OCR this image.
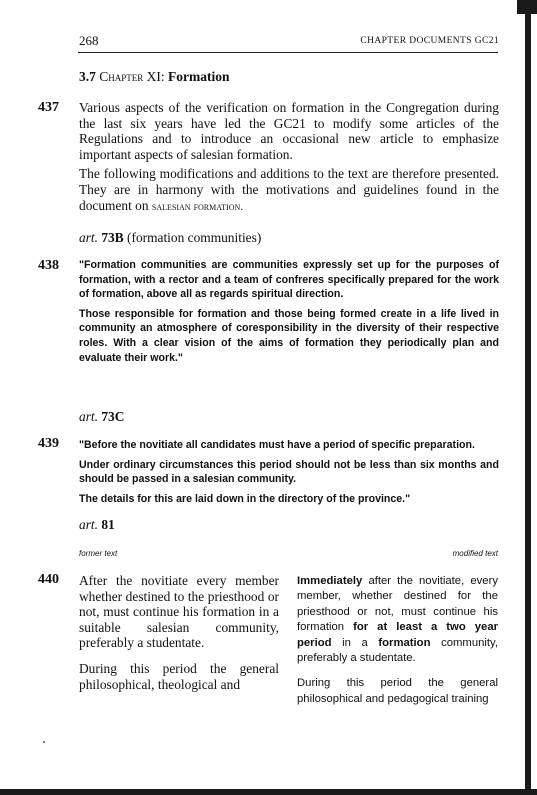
268	CHAPTER DOCUMENTS GC21
3.7 Chapter XI: Formation
437 Various aspects of the verification on formation in the Congregation during the last six years have led the GC21 to modify some articles of the Regulations and to introduce an occasional new article to emphasize important aspects of salesian formation.

The following modifications and additions to the text are therefore presented. They are in harmony with the motivations and guidelines found in the document on salesian formation.

art. 73B (formation communities)
438 "Formation communities are communities expressly set up for the purposes of formation, with a rector and a team of confreres specifically prepared for the work of formation, above all as regards spiritual direction.

Those responsible for formation and those being formed create in a life lived in community an atmosphere of coresponsibility in the diversity of their respective roles. With a clear vision of the aims of formation they periodically plan and evaluate their work."

art. 73C
439 "Before the novitiate all candidates must have a period of specific preparation.

Under ordinary circumstances this period should not be less than six months and should be passed in a salesian community.

The details for this are laid down in the directory of the province."

art. 81
former text	modified text
440 After the novitiate every member whether destined to the priesthood or not, must continue his formation in a suitable salesian community, preferably a studentate.

During this period the general philosophical, theological and

Immediately after the novitiate, every member, whether destined for the priesthood or not, must continue his formation for at least a two year period in a formation community, preferably a studentate.

During this period the general philosophical and pedagogical training
